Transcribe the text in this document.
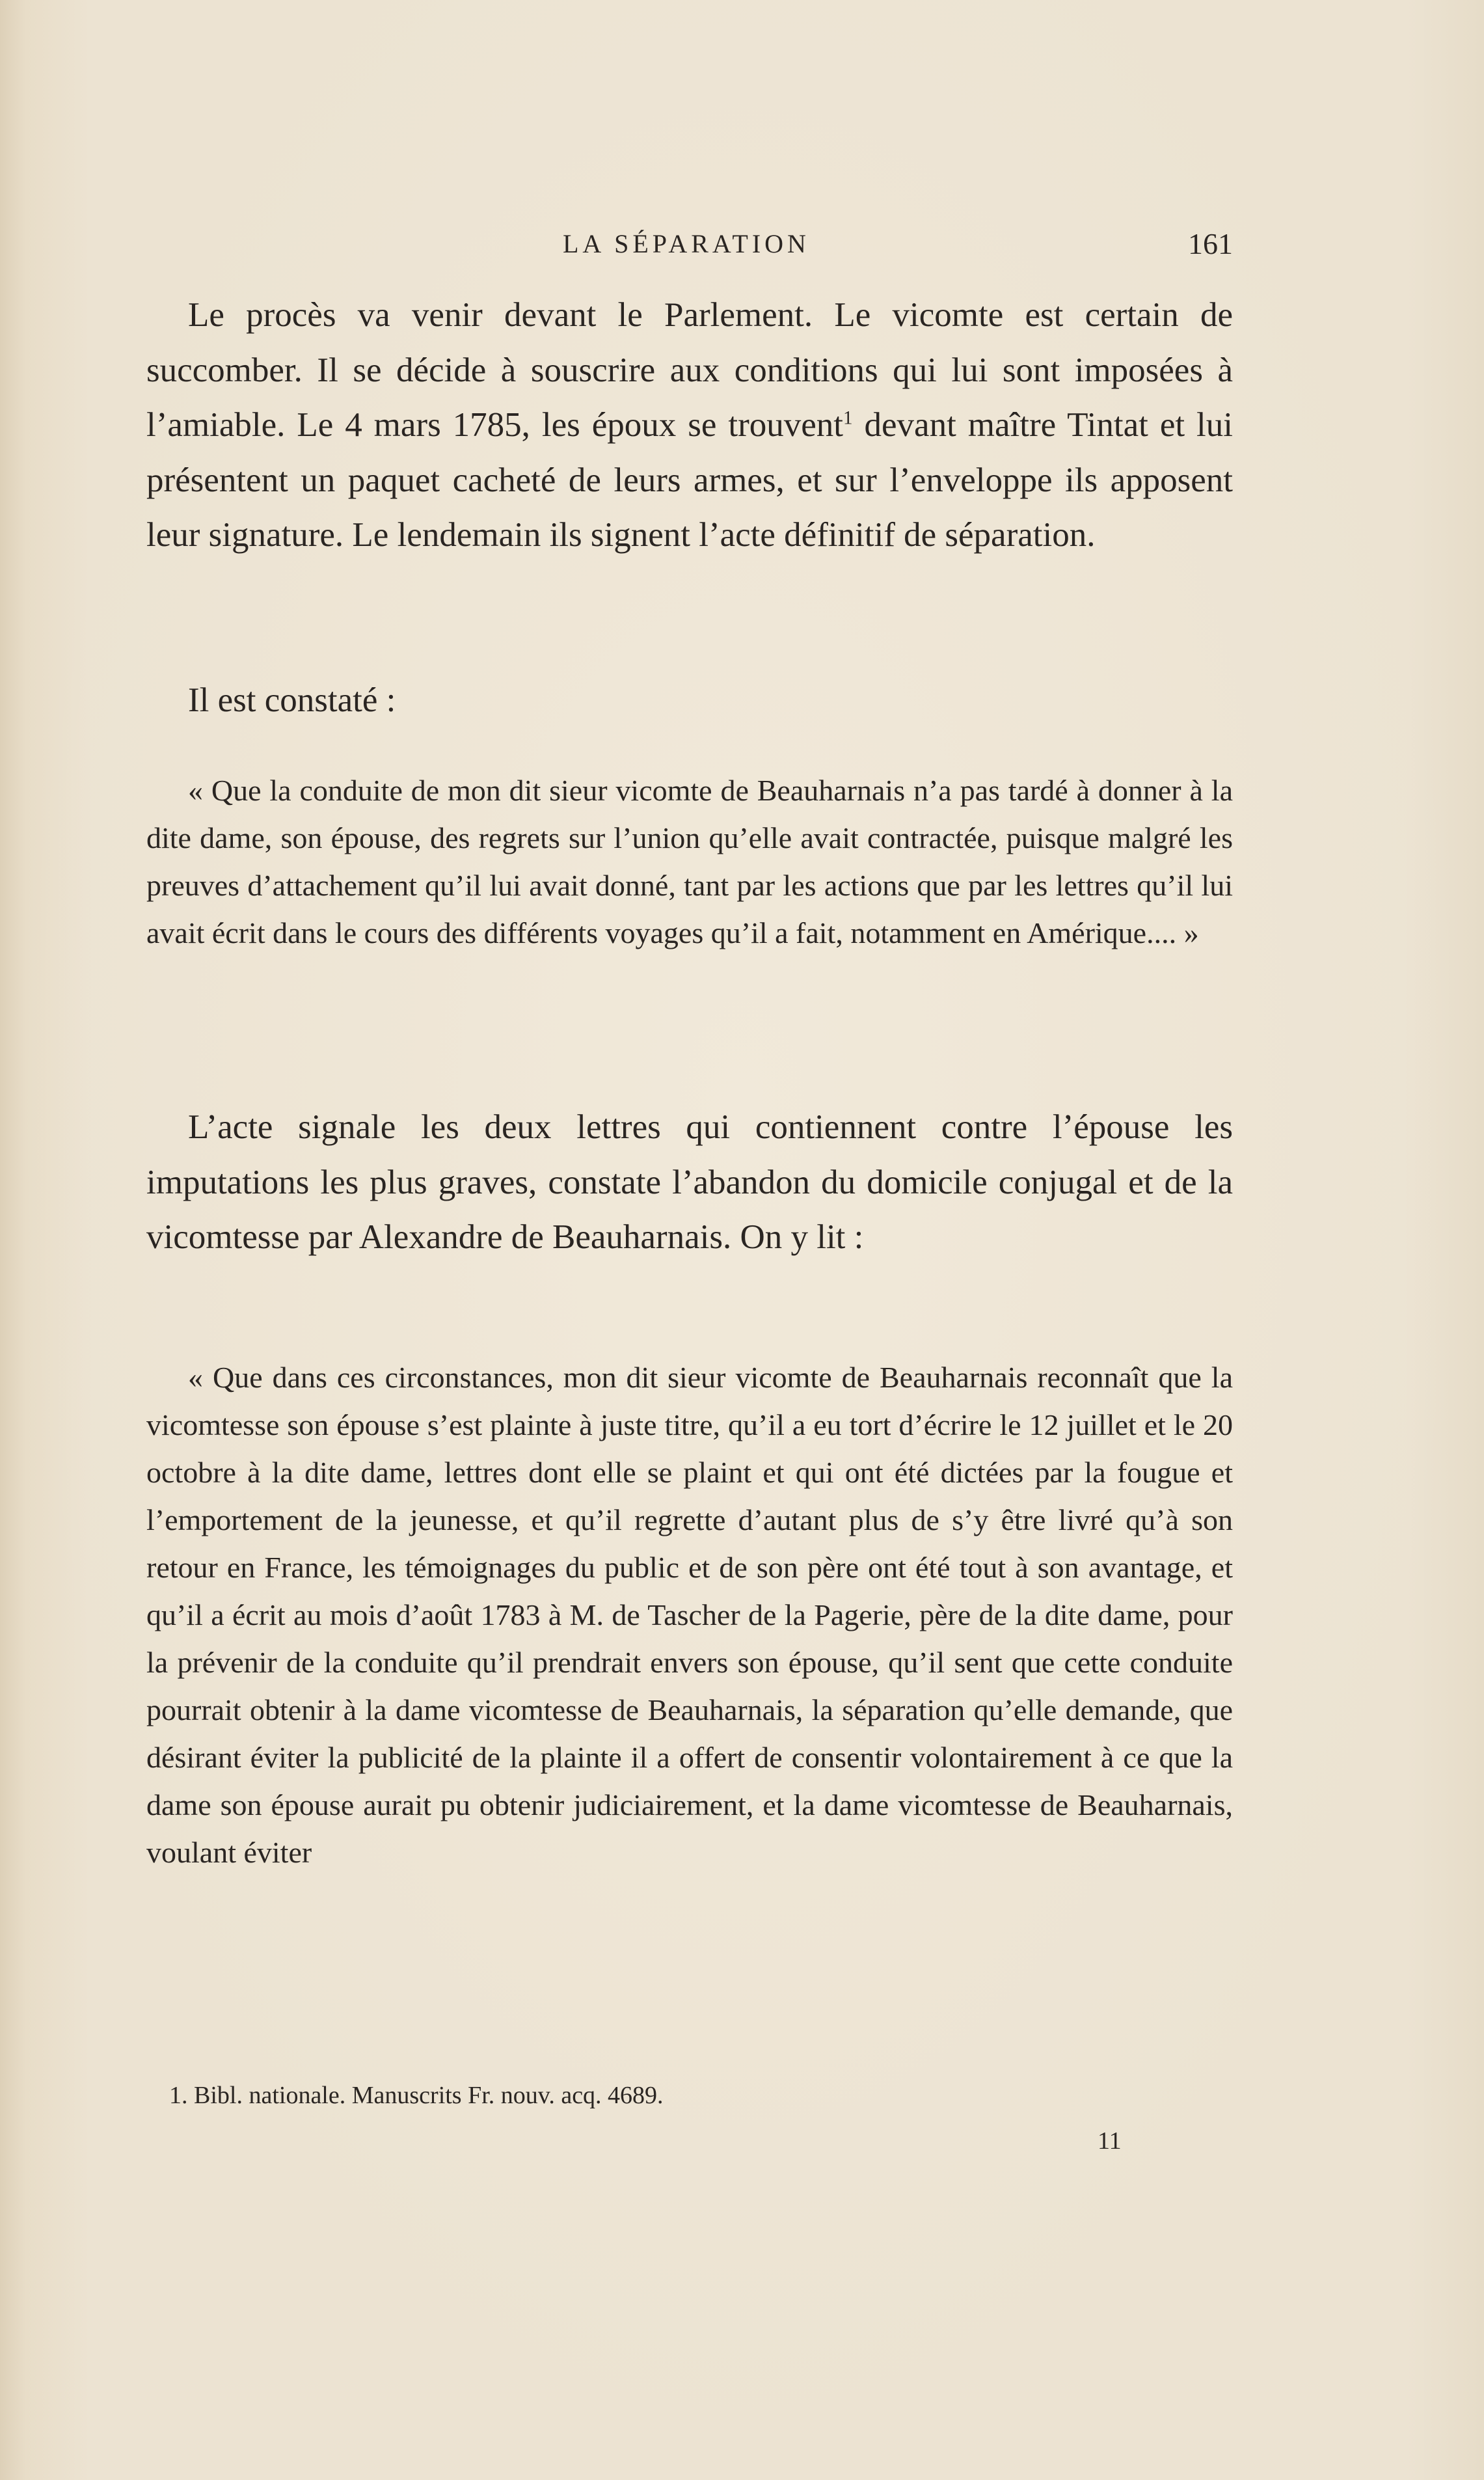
LA SÉPARATION	161

Le procès va venir devant le Parlement. Le vicomte est certain de succomber. Il se décide à souscrire aux conditions qui lui sont imposées à l’amiable. Le 4 mars 1785, les époux se trouvent$^1$ devant maître Tintat et lui présentent un paquet cacheté de leurs armes, et sur l’enveloppe ils apposent leur signature. Le lendemain ils signent l’acte définitif de séparation.

Il est constaté :

« Que la conduite de mon dit sieur vicomte de Beauharnais n’a pas tardé à donner à la dite dame, son épouse, des regrets sur l’union qu’elle avait contractée, puisque malgré les preuves d’attachement qu’il lui avait donné, tant par les actions que par les lettres qu’il lui avait écrit dans le cours des différents voyages qu’il a fait, notamment en Amérique.... »

L’acte signale les deux lettres qui contiennent contre l’épouse les imputations les plus graves, constate l’abandon du domicile conjugal et de la vicomtesse par Alexandre de Beauharnais. On y lit :

« Que dans ces circonstances, mon dit sieur vicomte de Beauharnais reconnaît que la vicomtesse son épouse s’est plainte à juste titre, qu’il a eu tort d’écrire le 12 juillet et le 20 octobre à la dite dame, lettres dont elle se plaint et qui ont été dictées par la fougue et l’emportement de la jeunesse, et qu’il regrette d’autant plus de s’y être livré qu’à son retour en France, les témoignages du public et de son père ont été tout à son avantage, et qu’il a écrit au mois d’août 1783 à M. de Tascher de la Pagerie, père de la dite dame, pour la prévenir de la conduite qu’il prendrait envers son épouse, qu’il sent que cette conduite pourrait obtenir à la dame vicomtesse de Beauharnais, la séparation qu’elle demande, que désirant éviter la publicité de la plainte il a offert de consentir volontairement à ce que la dame son épouse aurait pu obtenir judiciairement, et la dame vicomtesse de Beauharnais, voulant éviter

1. Bibl. nationale. Manuscrits Fr. nouv. acq. 4689.

11
